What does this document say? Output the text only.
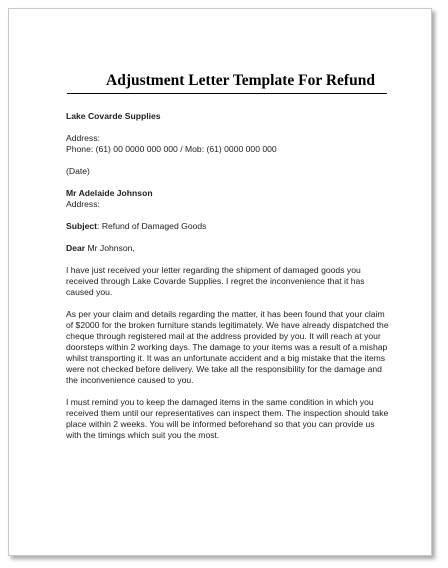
Adjustment Letter Template For Refund

Lake Covarde Supplies

Address:

Phone: (61) 00 0000 000 000 / Mob: (61) 0000 000 000

(Date)

Mr Adelaide Johnson

Address:

Subject: Refund of Damaged Goods

Dear Mr Johnson,

I have just received your letter regarding the shipment of damaged goods you received through Lake Covarde Supplies. I regret the inconvenience that it has caused you.

As per your claim and details regarding the matter, it has been found that your claim of $2000 for the broken furniture stands legitimately. We have already dispatched the cheque through registered mail at the address provided by you. It will reach at your doorsteps within 2 working days. The damage to your items was a result of a mishap whilst transporting it. It was an unfortunate accident and a big mistake that the items were not checked before delivery. We take all the responsibility for the damage and the inconvenience caused to you.

I must remind you to keep the damaged items in the same condition in which you received them until our representatives can inspect them. The inspection should take place within 2 weeks. You will be informed beforehand so that you can provide us with the timings which suit you the most.
